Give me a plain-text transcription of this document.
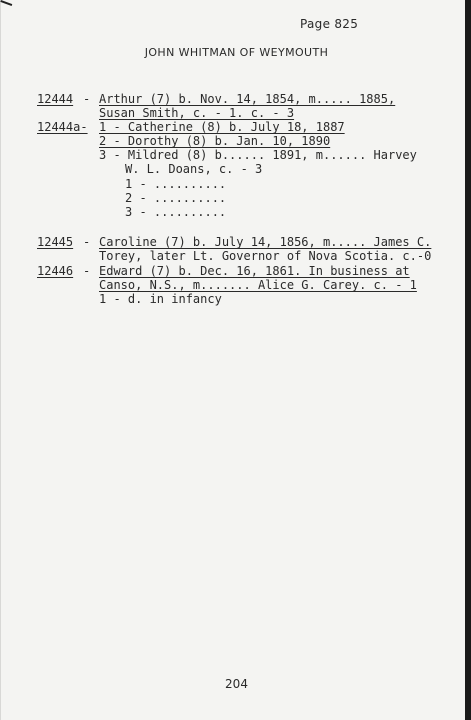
Page 825
JOHN WHITMAN OF WEYMOUTH
12444 - Arthur (7) b. Nov. 14, 1854, m..... 1885,
Susan Smith, c. - 1. c. - 3
12444a- 1 - Catherine (8) b. July 18, 1887
2 - Dorothy (8) b. Jan. 10, 1890
3 - Mildred (8) b...... 1891, m...... Harvey
W. L. Doans, c. - 3
1 - ..........
2 - ..........
3 - ..........
12445 - Caroline (7) b. July 14, 1856, m..... James C.
Torey, later Lt. Governor of Nova Scotia. c.-0
12446 - Edward (7) b. Dec. 16, 1861. In business at
Canso, N.S., m....... Alice G. Carey. c. - 1
1 - d. in infancy
204
